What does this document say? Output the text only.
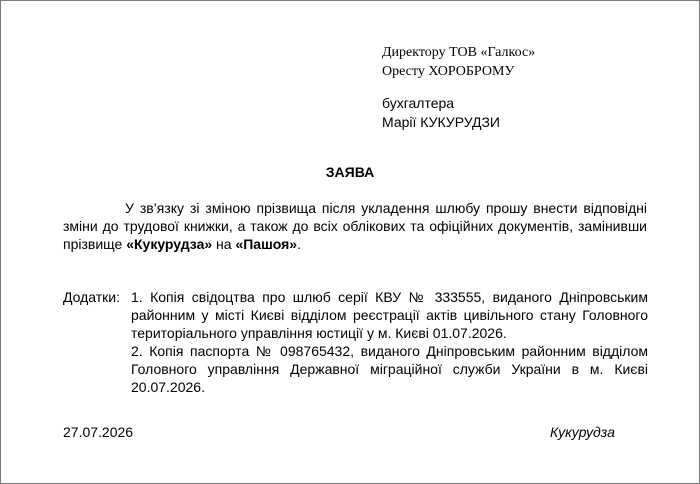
Директору ТОВ «Галкос»
Оресту ХОРОБРОМУ
бухгалтера
Марії КУКУРУДЗИ
ЗАЯВА
У зв’язку зі зміною прізвища після укладення шлюбу прошу внести відповідні зміни до трудової книжки, а також до всіх облікових та офіційних документів, замінивши прізвище «Кукурудза» на «Пашоя».
Додатки: 1. Копія свідоцтва про шлюб серії КВУ № 333555, виданого Дніпровським районним у місті Києві відділом реєстрації актів цивільного стану Головного територіального управління юстиції у м. Києві 01.07.2026.

2. Копія паспорта № 098765432, виданого Дніпровським районним відділом Головного управління Державної міграційної служби України в м. Києві 20.07.2026.

27.07.2026	Кукурудза
